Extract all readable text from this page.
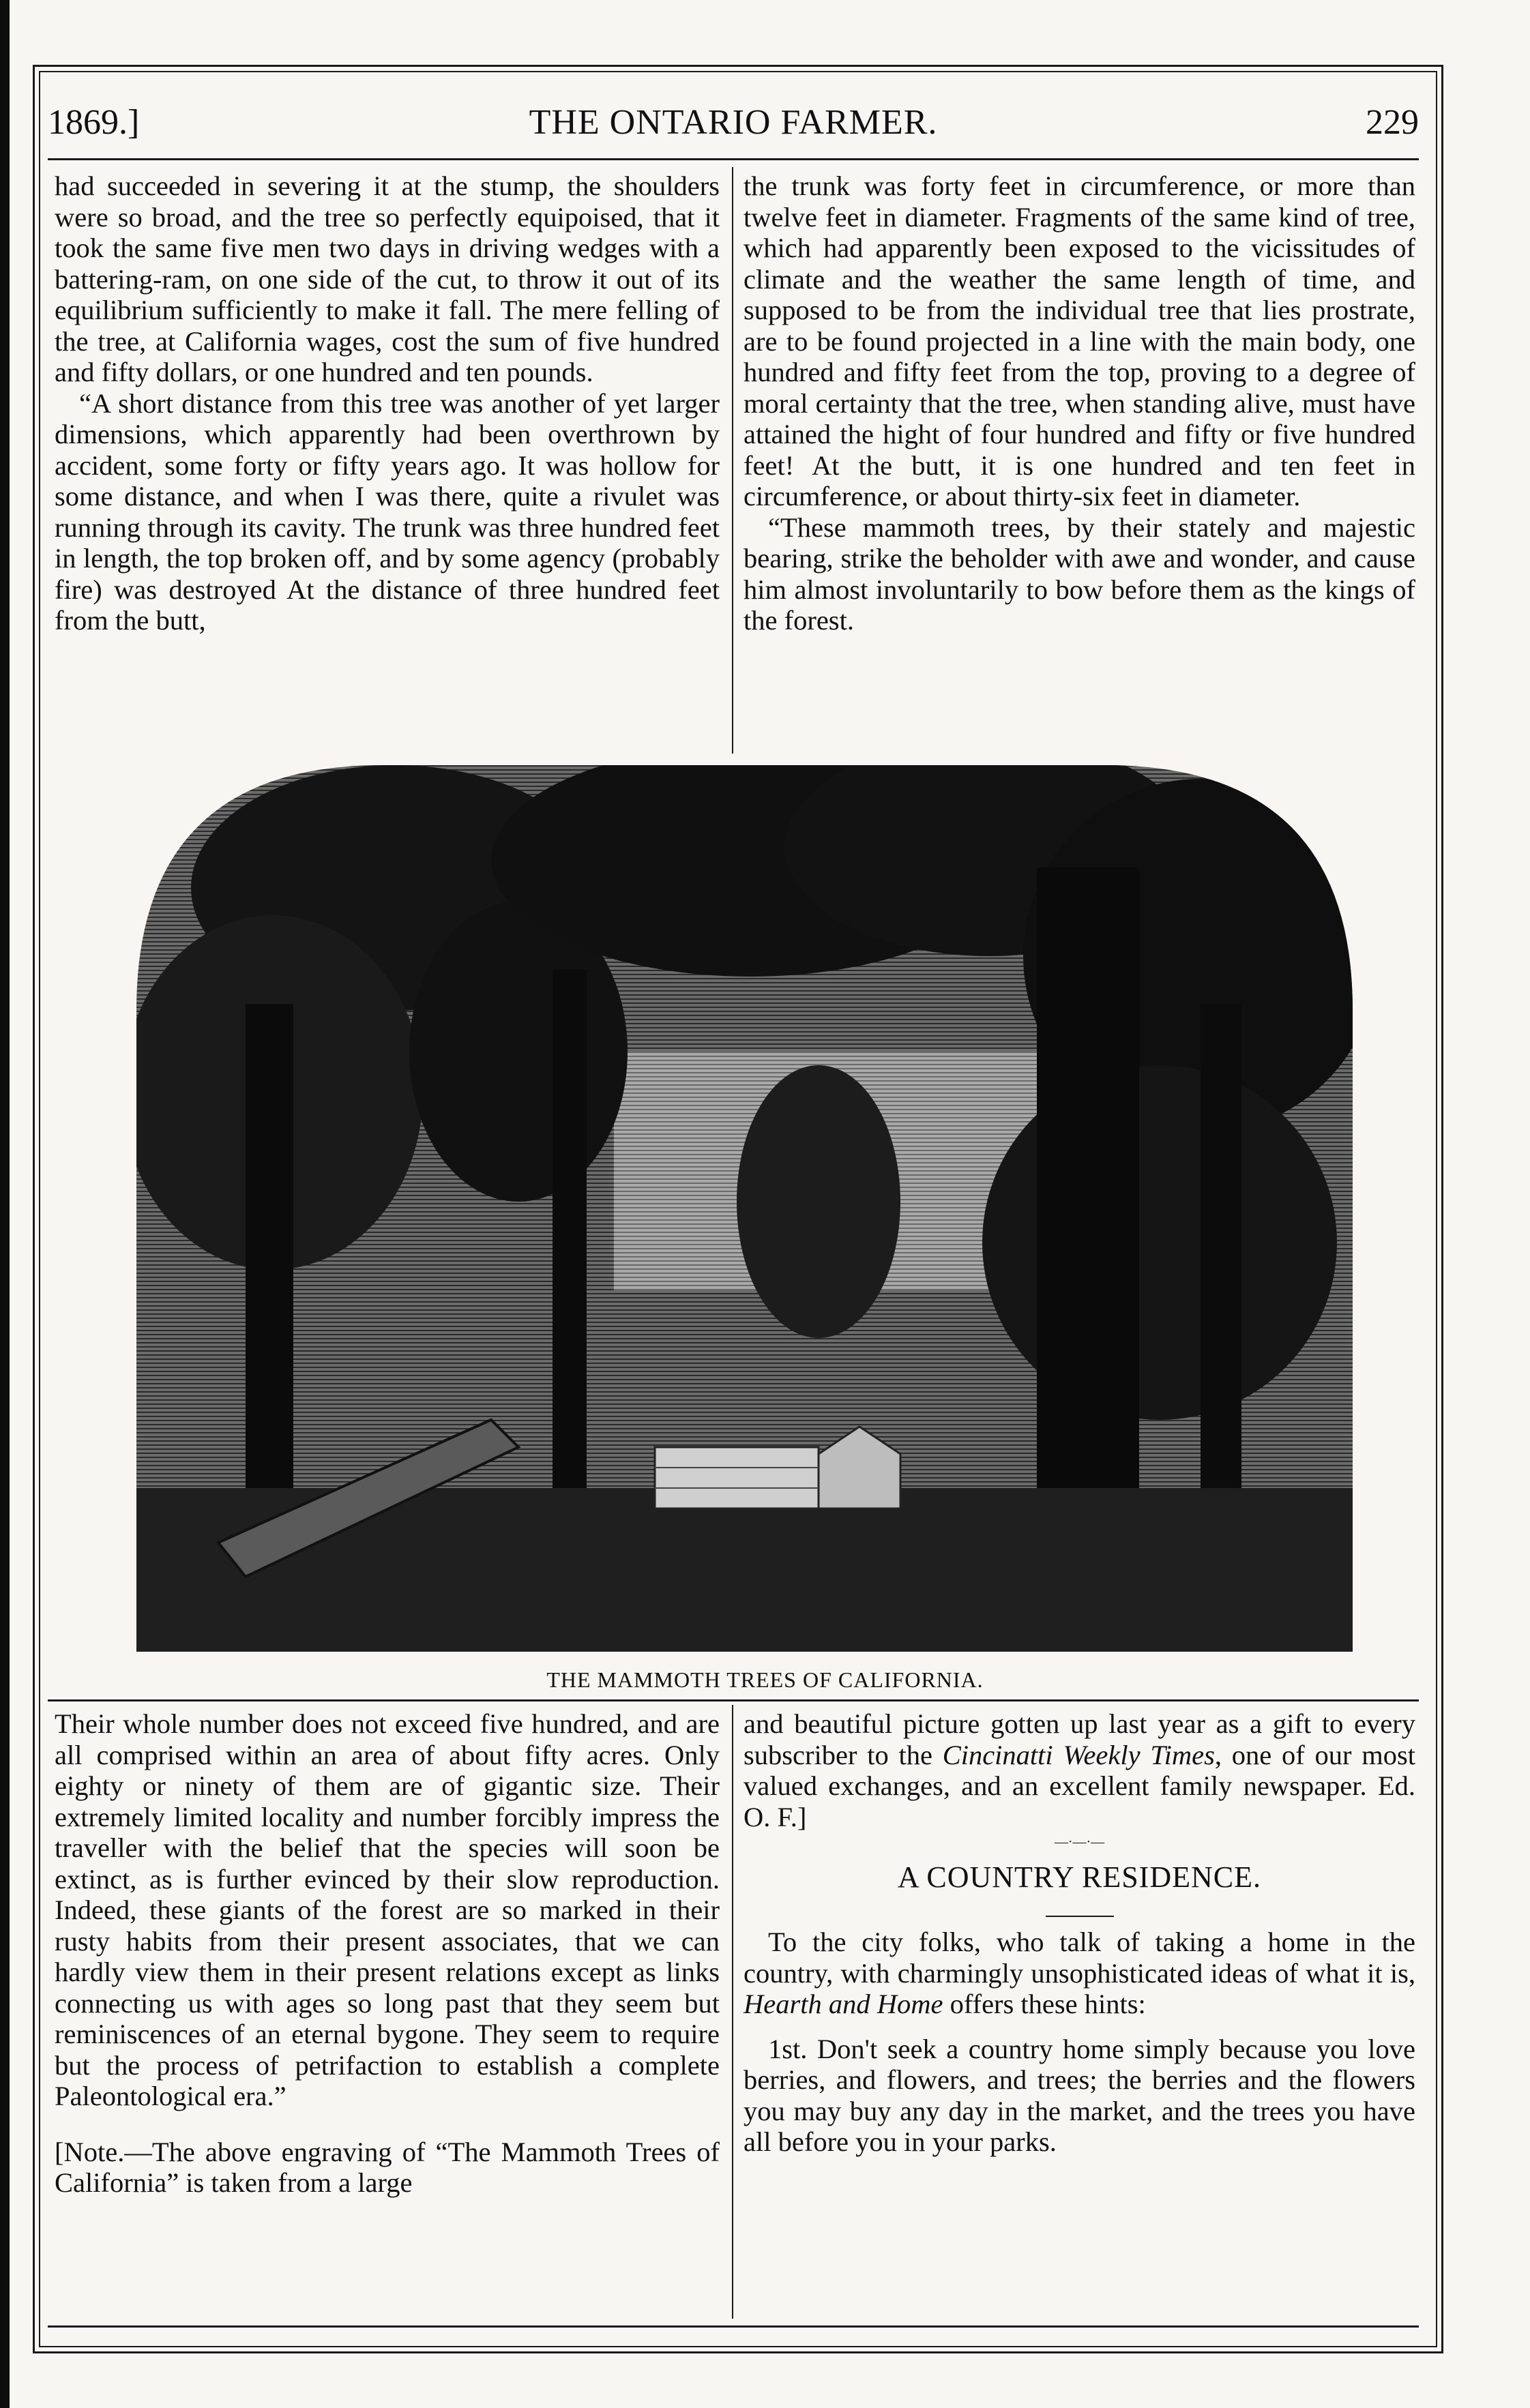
1869.]	THE ONTARIO FARMER.	229

had succeeded in severing it at the stump, the shoulders were so broad, and the tree so perfectly equipoised, that it took the same five men two days in driving wedges with a battering-ram, on one side of the cut, to throw it out of its equilibrium sufficiently to make it fall. The mere felling of the tree, at California wages, cost the sum of five hundred and fifty dollars, or one hundred and ten pounds.

“A short distance from this tree was another of yet larger dimensions, which apparently had been overthrown by accident, some forty or fifty years ago. It was hollow for some distance, and when I was there, quite a rivulet was running through its cavity. The trunk was three hundred feet in length, the top broken off, and by some agency (probably fire) was destroyed At the distance of three hundred feet from the butt,

the trunk was forty feet in circumference, or more than twelve feet in diameter. Fragments of the same kind of tree, which had apparently been exposed to the vicissitudes of climate and the weather the same length of time, and supposed to be from the individual tree that lies prostrate, are to be found projected in a line with the main body, one hundred and fifty feet from the top, proving to a degree of moral certainty that the tree, when standing alive, must have attained the hight of four hundred and fifty or five hundred feet! At the butt, it is one hundred and ten feet in circumference, or about thirty-six feet in diameter.

“These mammoth trees, by their stately and majestic bearing, strike the beholder with awe and wonder, and cause him almost involuntarily to bow before them as the kings of the forest.

THE MAMMOTH TREES OF CALIFORNIA.

Their whole number does not exceed five hundred, and are all comprised within an area of about fifty acres. Only eighty or ninety of them are of gigantic size. Their extremely limited locality and number forcibly impress the traveller with the belief that the species will soon be extinct, as is further evinced by their slow reproduction. Indeed, these giants of the forest are so marked in their rusty habits from their present associates, that we can hardly view them in their present relations except as links connecting us with ages so long past that they seem but reminiscences of an eternal bygone. They seem to require but the process of petrifaction to establish a complete Paleontological era.”

[Note.—The above engraving of “The Mammoth Trees of California” is taken from a large

and beautiful picture gotten up last year as a gift to every subscriber to the Cincinatti Weekly Times, one of our most valued exchanges, and an excellent family newspaper. Ed. O. F.]

—·—·—

A COUNTRY RESIDENCE.

To the city folks, who talk of taking a home in the country, with charmingly unsophisticated ideas of what it is, Hearth and Home offers these hints:

1st. Don't seek a country home simply because you love berries, and flowers, and trees; the berries and the flowers you may buy any day in the market, and the trees you have all before you in your parks.
